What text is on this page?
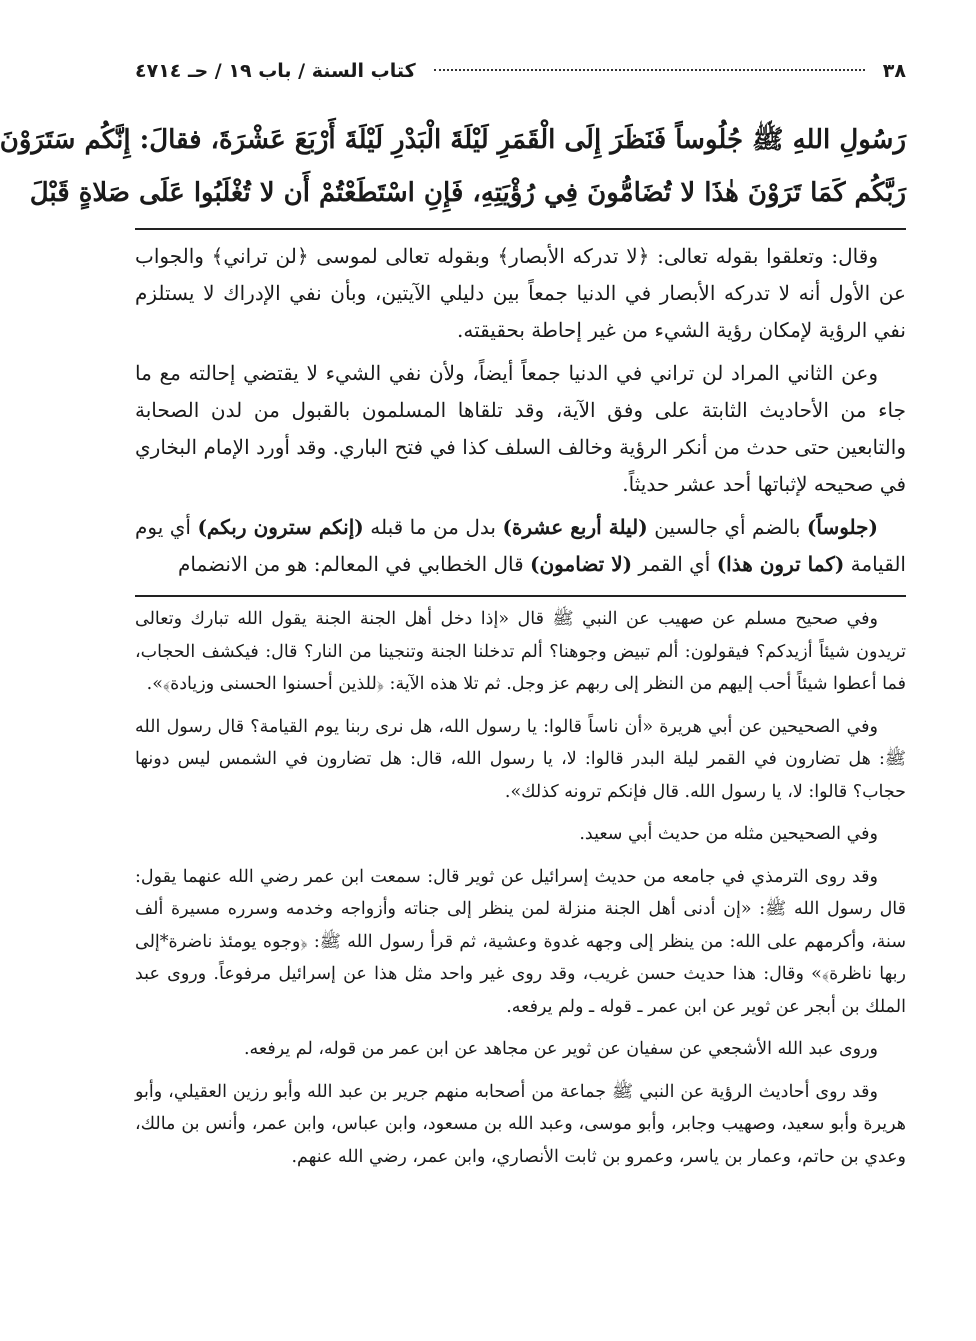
٣٨
كتاب السنة / باب ١٩ / حـ ٤٧١٤
رَسُولِ اللهِ ﷺ جُلُوساً فَنَظَرَ إِلَى الْقَمَرِ لَيْلَةَ الْبَدْرِ لَيْلَةَ أَرْبَعَ عَشْرَةَ، فقالَ: إِنَّكُم سَتَرَوْنَ
رَبَّكُم كَمَا تَرَوْنَ هٰذَا لا تُضَامُّونَ فِي رُؤْيَتِهِ، فَإِنِ اسْتَطَعْتُمْ أَن لا تُغْلَبُوا عَلَى صَلاةٍ قَبْلَ

وقال: وتعلقوا بقوله تعالى: ﴿لا تدركه الأبصار﴾ وبقوله تعالى لموسى ﴿لن تراني﴾ والجواب عن الأول أنه لا تدركه الأبصار في الدنيا جمعاً بين دليلي الآيتين، وبأن نفي الإدراك لا يستلزم نفي الرؤية لإمكان رؤية الشيء من غير إحاطة بحقيقته.

وعن الثاني المراد لن تراني في الدنيا جمعاً أيضاً، ولأن نفي الشيء لا يقتضي إحالته مع ما جاء من الأحاديث الثابتة على وفق الآية، وقد تلقاها المسلمون بالقبول من لدن الصحابة والتابعين حتى حدث من أنكر الرؤية وخالف السلف كذا في فتح الباري. وقد أورد الإمام البخاري في صحيحه لإثباتها أحد عشر حديثاً.

(جلوساً) بالضم أي جالسين (ليلة أربع عشرة) بدل من ما قبله (إنكم سترون ربكم) أي يوم القيامة (كما ترون هذا) أي القمر (لا تضامون) قال الخطابي في المعالم: هو من الانضمام

وفي صحيح مسلم عن صهيب عن النبي ﷺ قال «إذا دخل أهل الجنة الجنة يقول الله تبارك وتعالى تريدون شيئاً أزيدكم؟ فيقولون: ألم تبيض وجوهنا؟ ألم تدخلنا الجنة وتنجينا من النار؟ قال: فيكشف الحجاب، فما أعطوا شيئاً أحب إليهم من النظر إلى ربهم عز وجل. ثم تلا هذه الآية: ﴿للذين أحسنوا الحسنى وزيادة﴾».

وفي الصحيحين عن أبي هريرة «أن ناساً قالوا: يا رسول الله، هل نرى ربنا يوم القيامة؟ قال رسول الله ﷺ: هل تضارون في القمر ليلة البدر قالوا: لا، يا رسول الله، قال: هل تضارون في الشمس ليس دونها حجاب؟ قالوا: لا، يا رسول الله. قال فإنكم ترونه كذلك».

وفي الصحيحين مثله من حديث أبي سعيد.

وقد روى الترمذي في جامعه من حديث إسرائيل عن ثوير قال: سمعت ابن عمر رضي الله عنهما يقول: قال رسول الله ﷺ: «إن أدنى أهل الجنة منزلة لمن ينظر إلى جناته وأزواجه وخدمه وسرره مسيرة ألف سنة، وأكرمهم على الله: من ينظر إلى وجهه غدوة وعشية، ثم قرأ رسول الله ﷺ: ﴿وجوه يومئذ ناضرة*إلى ربها ناظرة﴾» وقال: هذا حديث حسن غريب، وقد روى غير واحد مثل هذا عن إسرائيل مرفوعاً. وروى عبد الملك بن أبجر عن ثوير عن ابن عمر ـ قوله ـ ولم يرفعه.

وروى عبد الله الأشجعي عن سفيان عن ثوير عن مجاهد عن ابن عمر من قوله، لم يرفعه.

وقد روى أحاديث الرؤية عن النبي ﷺ جماعة من أصحابه منهم جرير بن عبد الله وأبو رزين العقيلي، وأبو هريرة وأبو سعيد، وصهيب وجابر، وأبو موسى، وعبد الله بن مسعود، وابن عباس، وابن عمر، وأنس بن مالك، وعدي بن حاتم، وعمار بن ياسر، وعمرو بن ثابت الأنصاري، وابن عمر، رضي الله عنهم.
